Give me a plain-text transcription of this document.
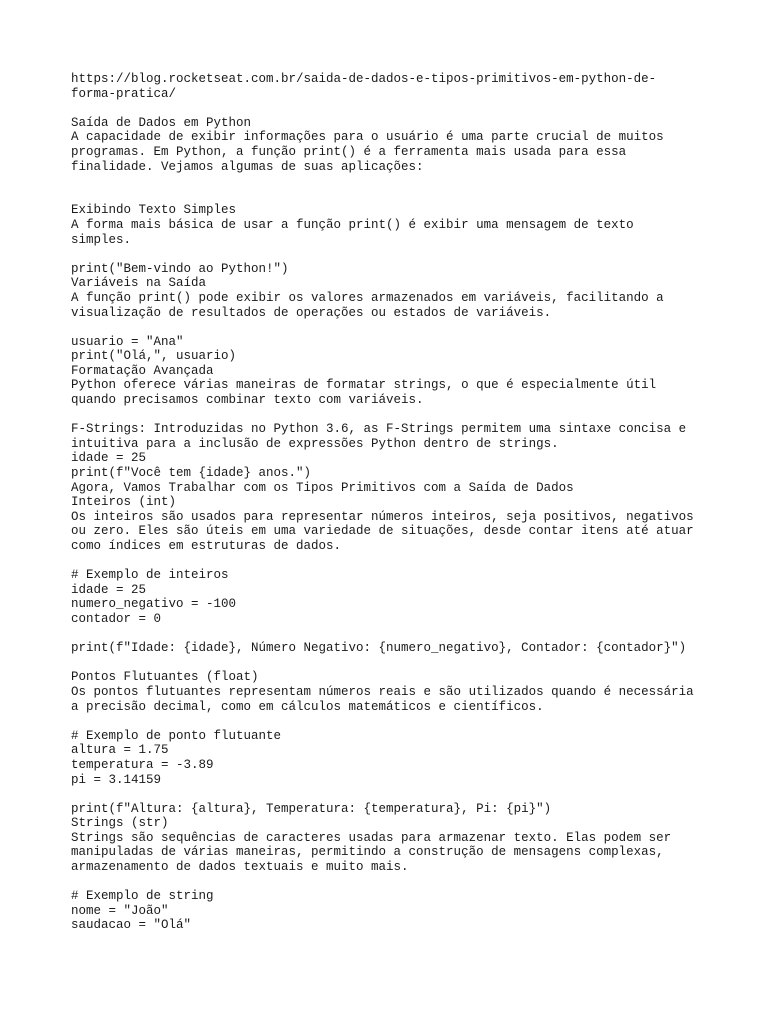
https://blog.rocketseat.com.br/saida-de-dados-e-tipos-primitivos-em-python-de-
forma-pratica/
Saída de Dados em Python
A capacidade de exibir informações para o usuário é uma parte crucial de muitos
programas. Em Python, a função print() é a ferramenta mais usada para essa
finalidade. Vejamos algumas de suas aplicações:
Exibindo Texto Simples
A forma mais básica de usar a função print() é exibir uma mensagem de texto
simples.
print("Bem-vindo ao Python!")
Variáveis na Saída
A função print() pode exibir os valores armazenados em variáveis, facilitando a
visualização de resultados de operações ou estados de variáveis.
usuario = "Ana"
print("Olá,", usuario)
Formatação Avançada
Python oferece várias maneiras de formatar strings, o que é especialmente útil
quando precisamos combinar texto com variáveis.
F-Strings: Introduzidas no Python 3.6, as F-Strings permitem uma sintaxe concisa e
intuitiva para a inclusão de expressões Python dentro de strings.
idade = 25
print(f"Você tem {idade} anos.")
Agora, Vamos Trabalhar com os Tipos Primitivos com a Saída de Dados
Inteiros (int)
Os inteiros são usados para representar números inteiros, seja positivos, negativos
ou zero. Eles são úteis em uma variedade de situações, desde contar itens até atuar
como índices em estruturas de dados.
# Exemplo de inteiros
idade = 25
numero_negativo = -100
contador = 0
print(f"Idade: {idade}, Número Negativo: {numero_negativo}, Contador: {contador}")
Pontos Flutuantes (float)
Os pontos flutuantes representam números reais e são utilizados quando é necessária
a precisão decimal, como em cálculos matemáticos e científicos.
# Exemplo de ponto flutuante
altura = 1.75
temperatura = -3.89
pi = 3.14159
print(f"Altura: {altura}, Temperatura: {temperatura}, Pi: {pi}")
Strings (str)
Strings são sequências de caracteres usadas para armazenar texto. Elas podem ser
manipuladas de várias maneiras, permitindo a construção de mensagens complexas,
armazenamento de dados textuais e muito mais.
# Exemplo de string
nome = "João"
saudacao = "Olá"
